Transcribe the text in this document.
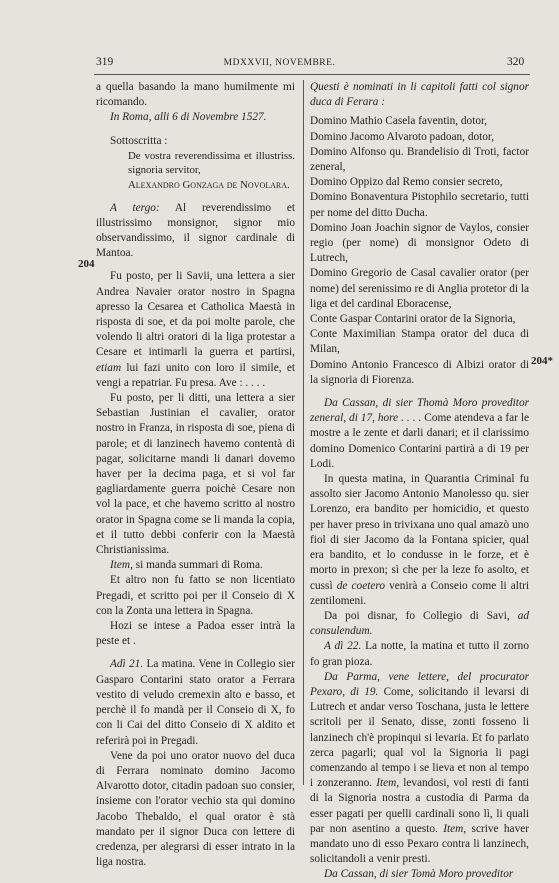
319	MDXXVII, NOVEMBRE.	320
204
204*

a quella basando la mano humilmente mi ricomando.

In Roma, alli 6 di Novembre 1527.

Sottoscritta :

De vostra reverendissima et illustriss. signoria servitor,

Alexandro Gonzaga de Novolara.

A tergo: Al reverendissimo et illustrissimo monsignor, signor mio observandissimo, il signor cardinale di Mantoa.

Fu posto, per li Savii, una lettera a sier Andrea Navaier orator nostro in Spagna apresso la Cesarea et Catholica Maestà in risposta di soe, et da poi molte parole, che volendo li altri oratori di la liga protestar a Cesare et intimarli la guerra et partirsi, etiam lui fazi unito con loro il simile, et vengi a repatriar. Fu presa. Ave : . . . .

Fu posto, per li ditti, una lettera a sier Sebastian Justinian el cavalier, orator nostro in Franza, in risposta di soe, piena di parole; et di lanzinech havemo contentà di pagar, solicitarne mandi li danari dovemo haver per la decima paga, et si vol far gagliardamente guerra poichè Cesare non vol la pace, et che havemo scritto al nostro orator in Spagna come se li manda la copia, et il tutto debbi conferir con la Maestà Christianissima.

Item, si manda summari di Roma.

Et altro non fu fatto se non licentiato Pregadi, et scritto poi per il Conseio di X con la Zonta una lettera in Spagna.

Hozi se intese a Padoa esser intrà la peste et .

Adì 21. La matina. Vene in Collegio sier Gasparo Contarini stato orator a Ferrara vestito di veludo cremexin alto e basso, et perchè il fo mandà per il Conseio di X, fo con li Cai del ditto Conseio di X aldito et referirà poi in Pregadi.

Vene da poi uno orator nuovo del duca di Ferrara nominato domino Jacomo Alvarotto dotor, citadin padoan suo consier, insieme con l'orator vechio sta qui domino Jacobo Thebaldo, el qual orator è stà mandato per il signor Duca con lettere di credenza, per alegrarsi di esser intrato in la liga nostra.

Questi è nominati in li capitoli fatti col signor duca di Ferara :

Domino Mathio Casela faventin, dotor,

Domino Jacomo Alvaroto padoan, dotor,

Domino Alfonso qu. Brandelisio di Troti, factor zeneral,

Domino Oppizo dal Remo consier secreto,

Domino Bonaventura Pistophilo secretario, tutti per nome del ditto Ducha.

Domino Joan Joachin signor de Vaylos, consier regio (per nome) di monsignor Odeto di Lutrech,

Domino Gregorio de Casal cavalier orator (per nome) del serenissimo re di Anglia protetor di la liga et del cardinal Eboracense,

Conte Gaspar Contarini orator de la Signoria,

Conte Maximilian Stampa orator del duca di Milan,

Domino Antonio Francesco di Albizi orator di la signoria di Fiorenza.

Da Cassan, di sier Thomà Moro proveditor zeneral, di 17, hore . . . . Come atendeva a far le mostre a le zente et darli danari; et il clarissimo domino Domenico Contarini partirà a di 19 per Lodi.

In questa matina, in Quarantia Criminal fu assolto sier Jacomo Antonio Manolesso qu. sier Lorenzo, era bandito per homicidio, et questo per haver preso in trivixana uno qual amazò uno fiol di sier Jacomo da la Fontana spicier, qual era bandito, et lo condusse in le forze, et è morto in prexon; sì che per la leze fo asolto, et cussì de coetero venirà a Conseio come li altri zentilomeni.

Da poi disnar, fo Collegio di Savi, ad consulendum.

A dì 22. La notte, la matina et tutto il zorno fo gran pioza.

Da Parma, vene lettere, del procurator Pexaro, di 19. Come, solicitando il levarsi di Lutrech et andar verso Toschana, justa le lettere scritoli per il Senato, disse, zonti fosseno li lanzinech ch'è propinqui si levaria. Et fo parlato zerca pagarli; qual vol la Signoria li pagi comenzando al tempo i se lieva et non al tempo i zonzeranno. Item, levandosi, vol resti di fanti di la Signoria nostra a custodia di Parma da esser pagati per quelli cardinali sono lì, li quali par non asentino a questo. Item, scrive haver mandato uno di esso Pexaro contra li lanzinech, solicitandoli a venir presti.

Da Cassan, di sier Tomà Moro proveditor
